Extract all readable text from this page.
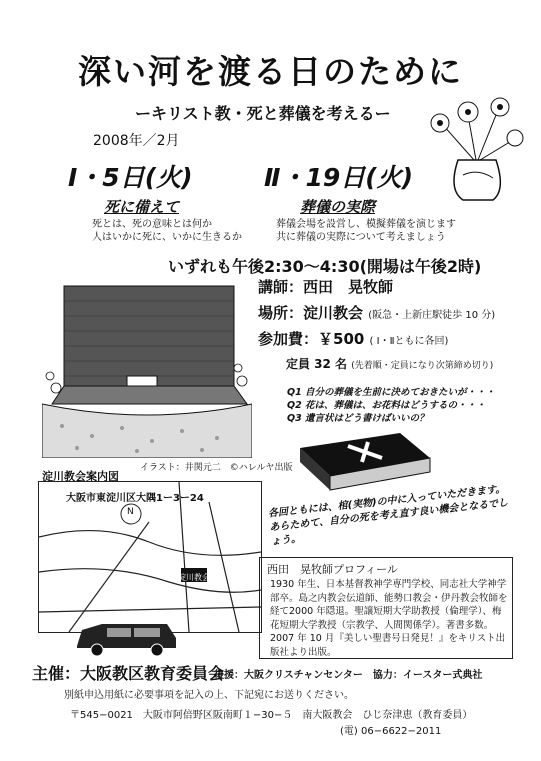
深い河を渡る日のために
ーキリスト教・死と葬儀を考えるー
2008年／2月
Ⅰ・5日(火)
死に備えて
死とは、死の意味とは何か
人はいかに死に、いかに生きるか
Ⅱ・19日(火)
葬儀の実際
葬儀会場を設営し、模擬葬儀を演じます
共に葬儀の実際について考えましょう
いずれも午後2:30〜4:30(開場は午後2時)
講師：西田　晃牧師
場所：淀川教会 (阪急・上新庄駅徒歩 10 分)
参加費：￥500 ( Ⅰ・Ⅱともに各回)
定員 32 名 (先着順・定員になり次第締め切り)
Q1 自分の葬儀を生前に決めておきたいが・・・
Q2 花は、葬儀は、お花料はどうするの・・・
Q3 遺言状はどう書けばいいの？
イラスト：井関元二　©ハレルヤ出版
淀川教会案内図
大阪市東淀川区大隅1ー3ー24
N
淀川教会
各回ともには、棺(実物)の中に入っていただきます。あらためて、自分の死を考え直す良い機会となるでしょう。
西田　晃牧師プロフィール
1930 年生、日本基督教神学専門学校、同志社大学神学部卒。島之内教会伝道師、能勢口教会・伊丹教会牧師を経て2000 年隠退。聖譲短期大学助教授（倫理学）、梅花短期大学教授（宗教学、人間関係学）。著書多数。2007 年 10 月『美しい聖書号日発見！』をキリスト出版社より出版。
主催：大阪教区教育委員会
後援：大阪クリスチャンセンター　協力：イースター式典社
別紙申込用紙に必要事項を記入の上、下記宛にお送りください。
〒545−0021　大阪市阿倍野区阪南町１−30−５　南大阪教会　ひじ奈津恵（教育委員）
(電) 06−6622−2011
